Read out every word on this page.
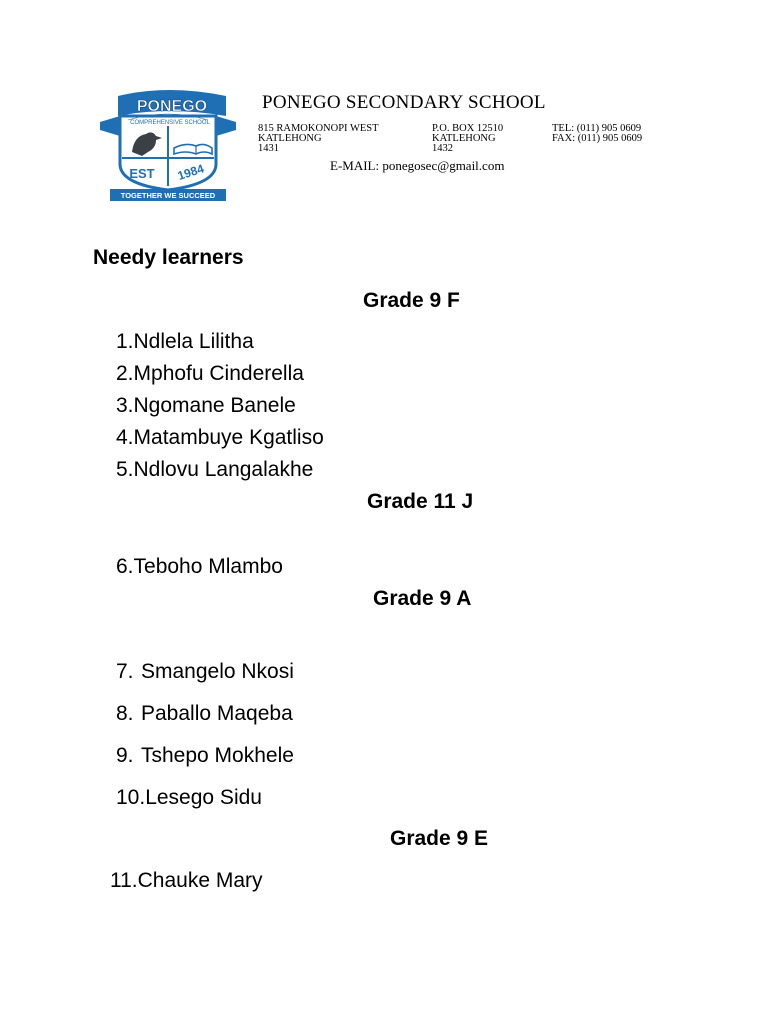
PONEGO
COMPREHENSIVE SCHOOL
EST 1984
TOGETHER WE SUCCEED
PONEGO SECONDARY SCHOOL
815 RAMOKONOPI WEST
KATLEHONG
1431
P.O. BOX 12510
KATLEHONG
1432
TEL: (011) 905 0609
FAX: (011) 905 0609
E-MAIL: ponegosec@gmail.com
Needy learners
Grade 9 F
1.Ndlela Lilitha
2.Mphofu Cinderella
3.Ngomane Banele
4.Matambuye Kgatliso
5.Ndlovu Langalakhe
Grade 11 J
6.Teboho Mlambo
Grade 9 A
7. Smangelo Nkosi
8. Paballo Maqeba
9. Tshepo Mokhele
10.Lesego Sidu
Grade 9 E
11.Chauke Mary
